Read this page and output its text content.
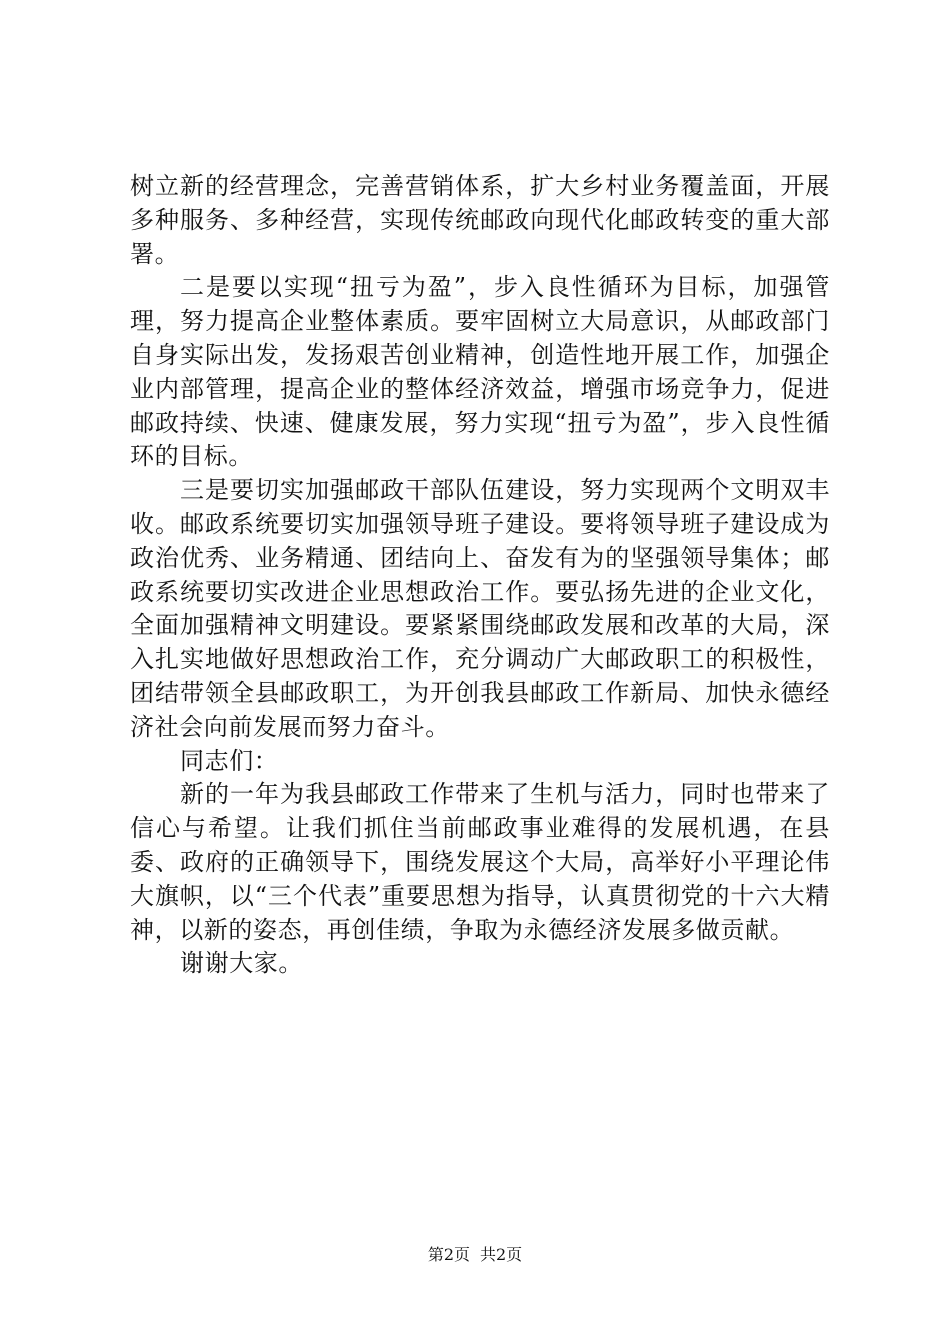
树立新的经营理念，完善营销体系，扩大乡村业务覆盖面，开展多种服务、多种经营，实现传统邮政向现代化邮政转变的重大部署。

二是要以实现“扭亏为盈”，步入良性循环为目标，加强管理，努力提高企业整体素质。要牢固树立大局意识，从邮政部门自身实际出发，发扬艰苦创业精神，创造性地开展工作，加强企业内部管理，提高企业的整体经济效益，增强市场竞争力，促进邮政持续、快速、健康发展，努力实现“扭亏为盈”，步入良性循环的目标。

三是要切实加强邮政干部队伍建设，努力实现两个文明双丰收。邮政系统要切实加强领导班子建设。要将领导班子建设成为政治优秀、业务精通、团结向上、奋发有为的坚强领导集体；邮政系统要切实改进企业思想政治工作。要弘扬先进的企业文化，全面加强精神文明建设。要紧紧围绕邮政发展和改革的大局，深入扎实地做好思想政治工作，充分调动广大邮政职工的积极性，团结带领全县邮政职工，为开创我县邮政工作新局、加快永德经济社会向前发展而努力奋斗。

同志们：

新的一年为我县邮政工作带来了生机与活力，同时也带来了信心与希望。让我们抓住当前邮政事业难得的发展机遇，在县委、政府的正确领导下，围绕发展这个大局，高举好小平理论伟大旗帜，以“三个代表”重要思想为指导，认真贯彻党的十六大精神，以新的姿态，再创佳绩，争取为永德经济发展多做贡献。

谢谢大家。

第2页 共2页
